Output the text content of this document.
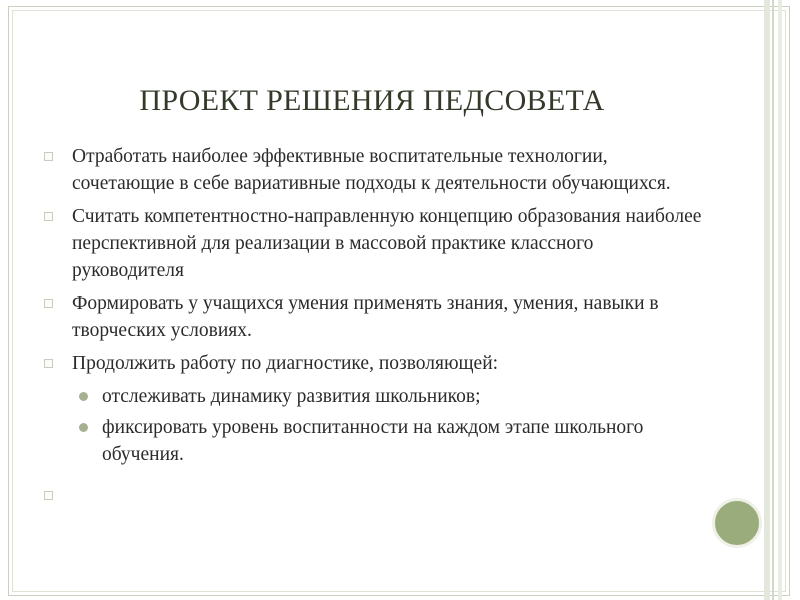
ПРОЕКТ РЕШЕНИЯ ПЕДСОВЕТА
Отработать наиболее эффективные воспитательные технологии, сочетающие в себе вариативные подходы к деятельности обучающихся.
Считать компетентностно-направленную концепцию образования наиболее перспективной для реализации в массовой практике классного руководителя
Формировать у учащихся умения применять знания, умения, навыки в творческих условиях.
Продолжить работу по диагностике, позволяющей:
отслеживать динамику развития школьников;
фиксировать уровень воспитанности на каждом этапе школьного обучения.
